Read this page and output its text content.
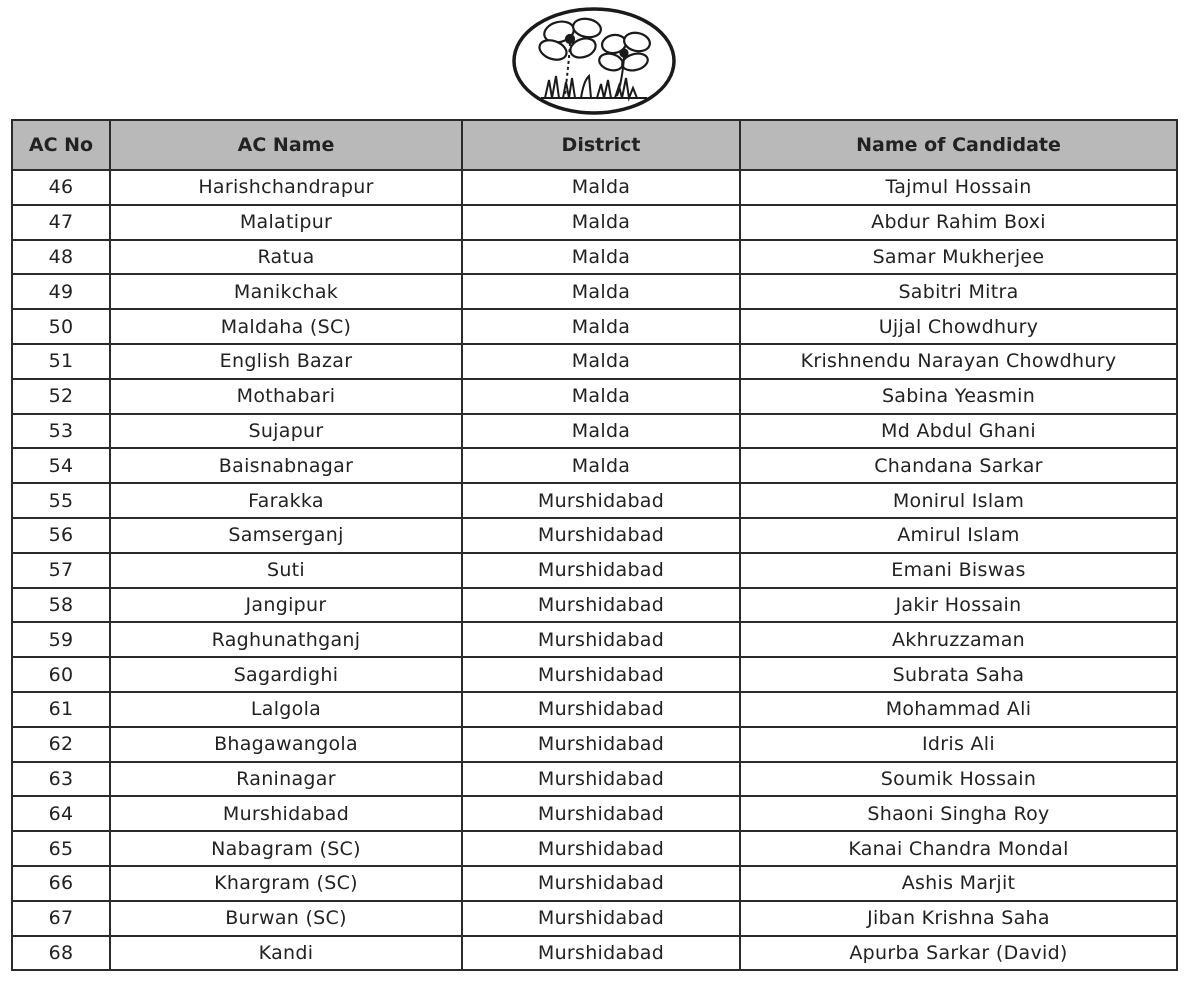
AC No	AC Name	District	Name of Candidate
46	Harishchandrapur	Malda	Tajmul Hossain
47	Malatipur	Malda	Abdur Rahim Boxi
48	Ratua	Malda	Samar Mukherjee
49	Manikchak	Malda	Sabitri Mitra
50	Maldaha (SC)	Malda	Ujjal Chowdhury
51	English Bazar	Malda	Krishnendu Narayan Chowdhury
52	Mothabari	Malda	Sabina Yeasmin
53	Sujapur	Malda	Md Abdul Ghani
54	Baisnabnagar	Malda	Chandana Sarkar
55	Farakka	Murshidabad	Monirul Islam
56	Samserganj	Murshidabad	Amirul Islam
57	Suti	Murshidabad	Emani Biswas
58	Jangipur	Murshidabad	Jakir Hossain
59	Raghunathganj	Murshidabad	Akhruzzaman
60	Sagardighi	Murshidabad	Subrata Saha
61	Lalgola	Murshidabad	Mohammad Ali
62	Bhagawangola	Murshidabad	Idris Ali
63	Raninagar	Murshidabad	Soumik Hossain
64	Murshidabad	Murshidabad	Shaoni Singha Roy
65	Nabagram (SC)	Murshidabad	Kanai Chandra Mondal
66	Khargram (SC)	Murshidabad	Ashis Marjit
67	Burwan (SC)	Murshidabad	Jiban Krishna Saha
68	Kandi	Murshidabad	Apurba Sarkar (David)
